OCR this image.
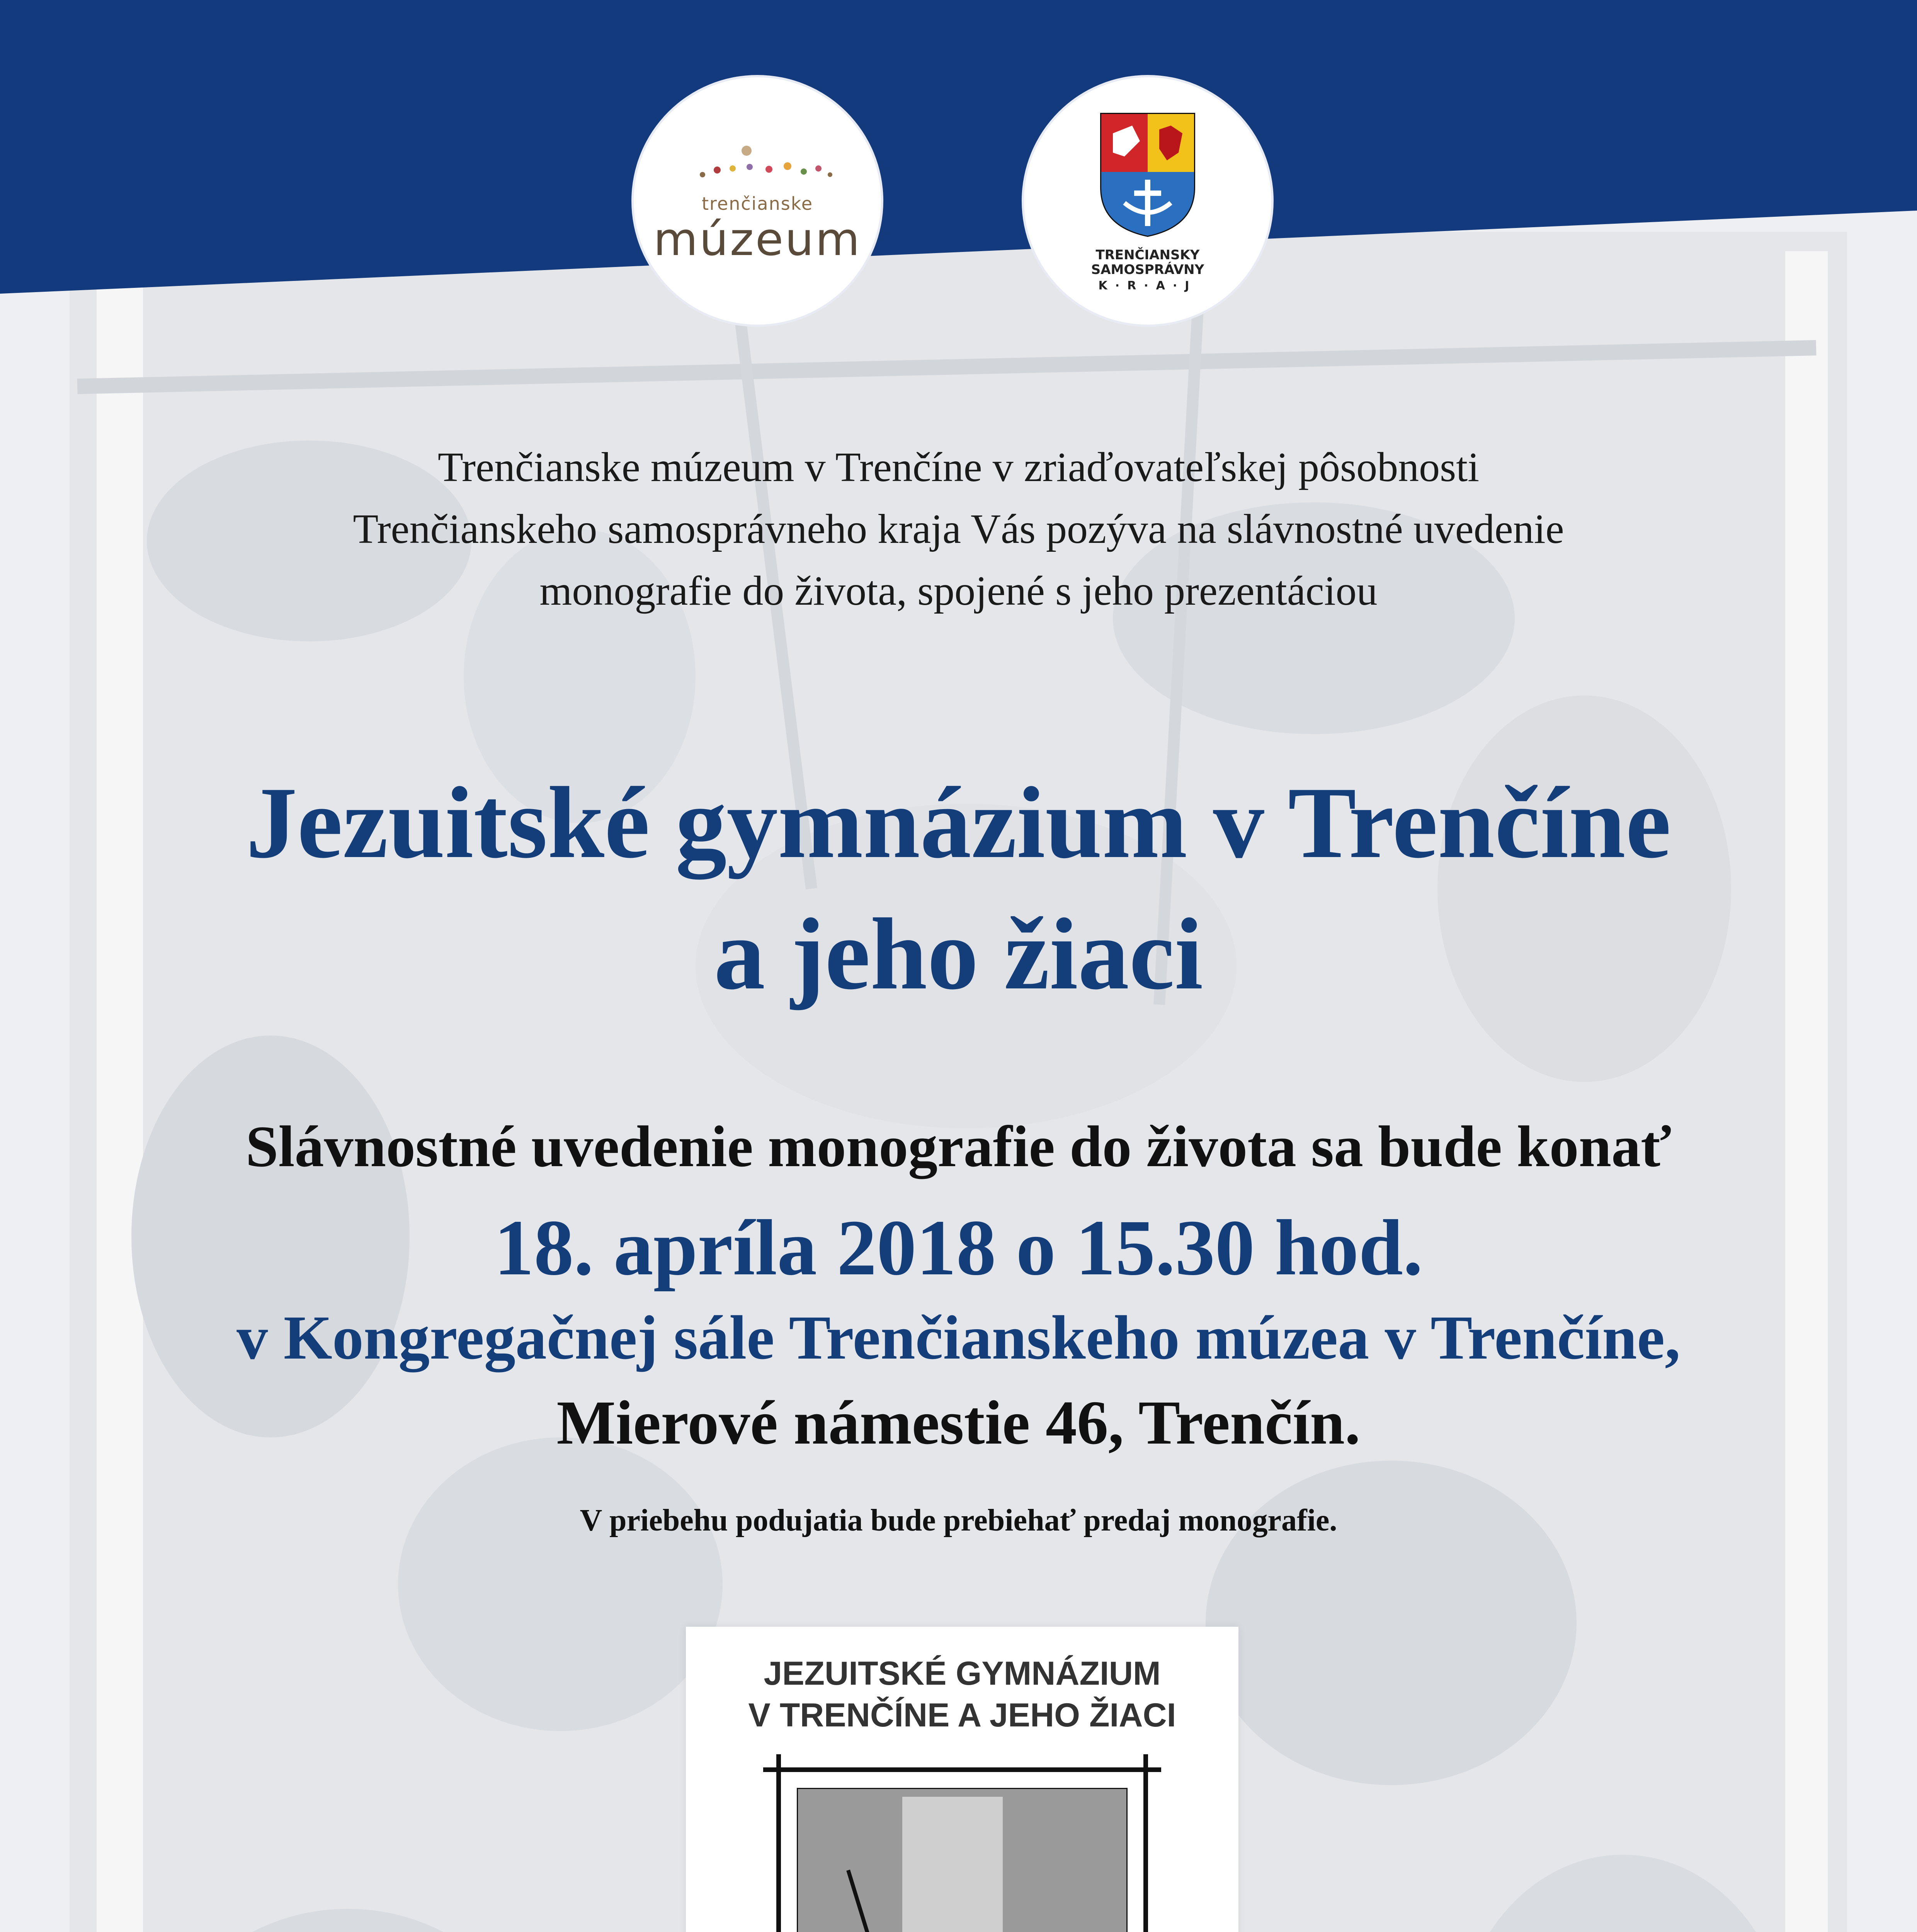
trenčianske
múzeum	TRENČIANSKY
SAMOSPRÁVNY
K·R·A·J
Trenčianske múzeum v Trenčíne v zriaďovateľskej pôsobnosti
Trenčianskeho samosprávneho kraja Vás pozýva na slávnostné uvedenie
monografie do života, spojené s jeho prezentáciou
Jezuitské gymnázium v Trenčíne
a jeho žiaci
Slávnostné uvedenie monografie do života sa bude konať
18. apríla 2018 o 15.30 hod.
v Kongregačnej sále Trenčianskeho múzea v Trenčíne,
Mierové námestie 46, Trenčín.
V priebehu podujatia bude prebiehať predaj monografie.
JEZUITSKÉ GYMNÁZIUM
V TRENČÍNE A JEHO ŽIACI
